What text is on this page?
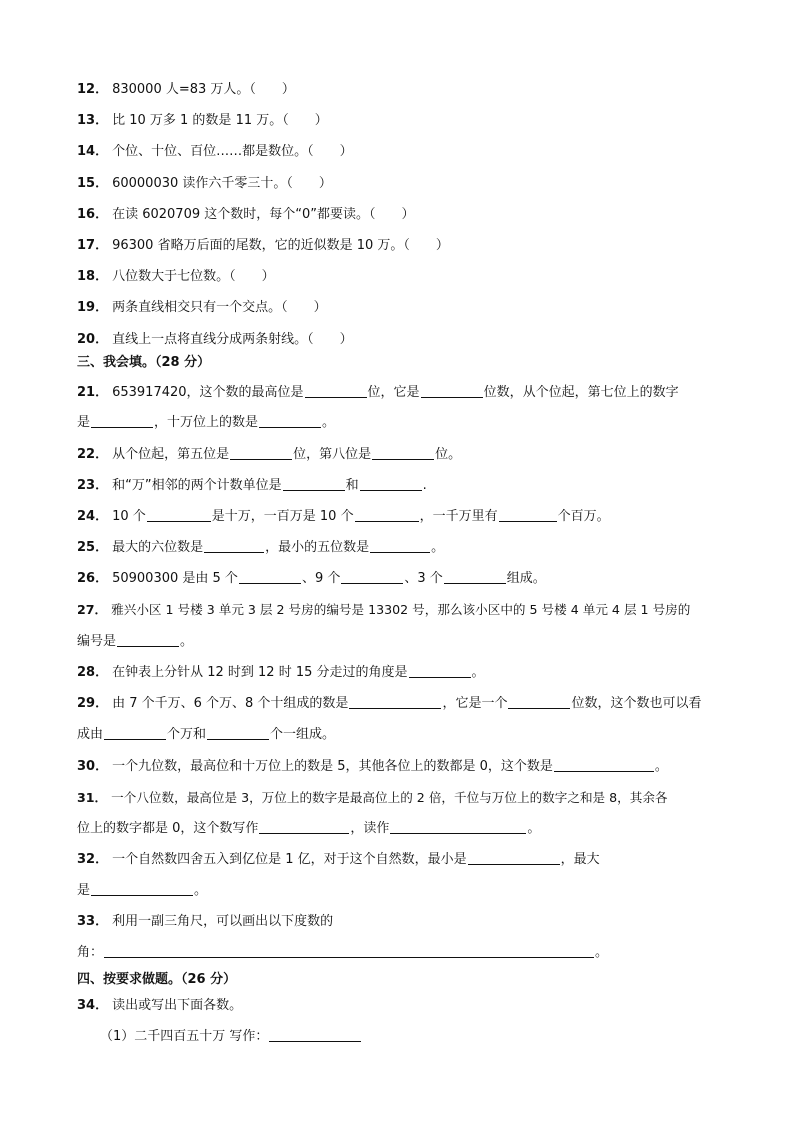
12． 830000 人=83 万人。（ ）
13． 比 10 万多 1 的数是 11 万。（ ）
14． 个位、十位、百位……都是数位。（ ）
15． 60000030 读作六千零三十。（ ）
16． 在读 6020709 这个数时，每个“0”都要读。（ ）
17． 96300 省略万后面的尾数，它的近似数是 10 万。（ ）
18． 八位数大于七位数。（ ）
19． 两条直线相交只有一个交点。（ ）
20． 直线上一点将直线分成两条射线。（ ）
三、我会填。（28 分）
21． 653917420，这个数的最高位是	位，它是	位数，从个位起，第七位上的数字
是	，十万位上的数是	。
22． 从个位起，第五位是	位，第八位是	位。
23． 和“万”相邻的两个计数单位是	和	.
24． 10 个	是十万，一百万是 10 个	，一千万里有	个百万。
25． 最大的六位数是	，最小的五位数是	。
26． 50900300 是由 5 个	、9 个	、3 个	组成。
27． 雅兴小区 1 号楼 3 单元 3 层 2 号房的编号是 13302 号，那么该小区中的 5 号楼 4 单元 4 层 1 号房的
编号是	。
28． 在钟表上分针从 12 时到 12 时 15 分走过的角度是	。
29． 由 7 个千万、6 个万、8 个十组成的数是	，它是一个	位数，这个数也可以看
成由	个万和	个一组成。
30． 一个九位数，最高位和十万位上的数是 5，其他各位上的数都是 0，这个数是	。
31． 一个八位数，最高位是 3，万位上的数字是最高位上的 2 倍，千位与万位上的数字之和是 8，其余各
位上的数字都是 0，这个数写作	，读作	。
32． 一个自然数四舍五入到亿位是 1 亿，对于这个自然数，最小是	，最大
是	。
33． 利用一副三角尺，可以画出以下度数的
角：	。
四、按要求做题。（26 分）
34． 读出或写出下面各数。
（1）二千四百五十万 写作：
